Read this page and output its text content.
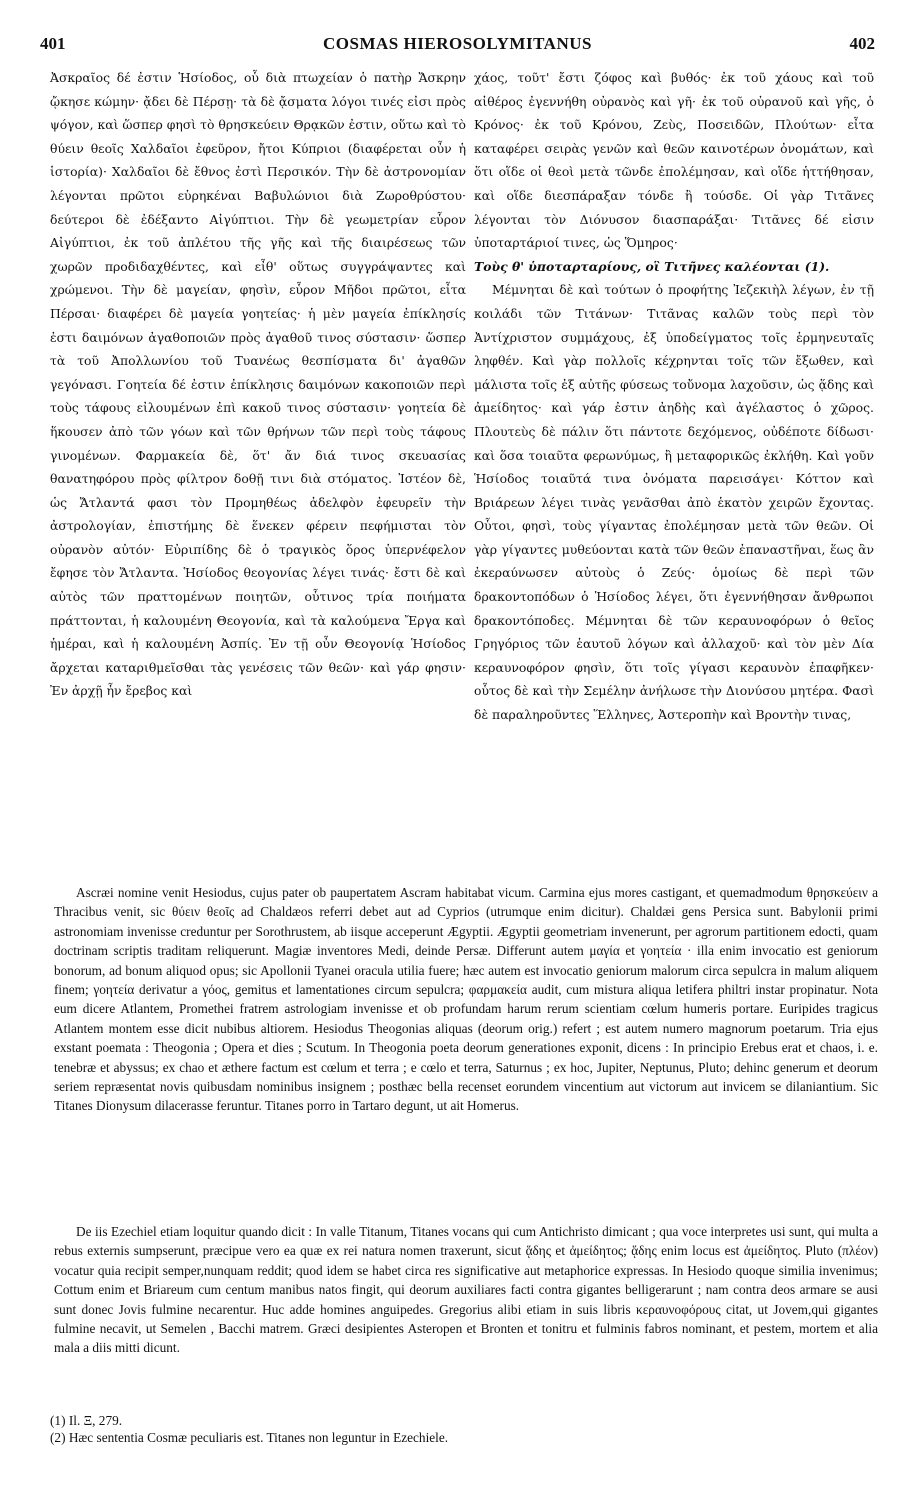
401	COSMAS HIEROSOLYMITANUS	402

Ἀσκραῖος δέ ἐστιν Ἡσίοδος, οὗ διὰ πτωχείαν ὁ πατὴρ Ἄσκρην ᾤκησε κώμην· ᾄδει δὲ Πέρσῃ· τὰ δὲ ᾄσματα λόγοι τινές εἰσι πρὸς ψόγον, καὶ ὥσπερ φησὶ τὸ θρησκεύειν Θρᾳκῶν ἐστιν, οὕτω καὶ τὸ θύειν θεοῖς Χαλδαῖοι ἐφεῦρον, ἤτοι Κύπριοι (διαφέρεται οὖν ἡ ἱστορία)· Χαλδαῖοι δὲ ἔθνος ἐστὶ Περσικόν. Τὴν δὲ ἀστρονομίαν λέγονται πρῶτοι εὑρηκέναι Βαβυλώνιοι διὰ Ζωροθρύστου· δεύτεροι δὲ ἐδέξαντο Αἰγύπτιοι. Τὴν δὲ γεωμετρίαν εὗρον Αἰγύπτιοι, ἐκ τοῦ ἀπλέτου τῆς γῆς καὶ τῆς διαιρέσεως τῶν χωρῶν προδιδαχθέντες, καὶ εἶθ' οὕτως συγγράψαντες καὶ χρώμενοι. Τὴν δὲ μαγείαν, φησὶν, εὗρον Μῆδοι πρῶτοι, εἶτα Πέρσαι· διαφέρει δὲ μαγεία γοητείας· ἡ μὲν μαγεία ἐπίκλησίς ἐστι δαιμόνων ἀγαθοποιῶν πρὸς ἀγαθοῦ τινος σύστασιν· ὥσπερ τὰ τοῦ Ἀπολλωνίου τοῦ Τυανέως θεσπίσματα δι' ἀγαθῶν γεγόνασι. Γοητεία δέ ἐστιν ἐπίκλησις δαιμόνων κακοποιῶν περὶ τοὺς τάφους εἰλουμένων ἐπὶ κακοῦ τινος σύστασιν· γοητεία δὲ ἥκουσεν ἀπὸ τῶν γόων καὶ τῶν θρήνων τῶν περὶ τοὺς τάφους γινομένων. Φαρμακεία δὲ, ὅτ' ἄν διά τινος σκευασίας θανατηφόρου πρὸς φίλτρον δοθῇ τινι διὰ στόματος. Ἰστέον δὲ, ὡς Ἄτλαντά φασι τὸν Προμηθέως ἀδελφὸν ἐφευρεῖν τὴν ἀστρολογίαν, ἐπιστήμης δὲ ἕνεκεν φέρειν πεφήμισται τὸν οὐρανὸν αὐτόν· Εὐριπίδης δὲ ὁ τραγικὸς ὅρος ὑπερνέφελον ἔφησε τὸν Ἄτλαντα. Ἡσίοδος θεογονίας λέγει τινάς· ἔστι δὲ καὶ αὐτὸς τῶν πραττομένων ποιητῶν, οὗτινος τρία ποιήματα πράττονται, ἡ καλουμένη Θεογονία, καὶ τὰ καλούμενα Ἔργα καὶ ἡμέραι, καὶ ἡ καλουμένη Ἀσπίς. Ἐν τῇ οὖν Θεογονίᾳ Ἡσίοδος ἄρχεται καταριθμεῖσθαι τὰς γενέσεις τῶν θεῶν· καὶ γάρ φησιν· Ἐν ἀρχῇ ἦν ἔρεβος καὶ

χάος, τοῦτ' ἔστι ζόφος καὶ βυθός· ἐκ τοῦ χάους καὶ τοῦ αἰθέρος ἐγεννήθη οὐρανὸς καὶ γῆ· ἐκ τοῦ οὐρανοῦ καὶ γῆς, ὁ Κρόνος· ἐκ τοῦ Κρόνου, Ζεὺς, Ποσειδῶν, Πλούτων· εἶτα καταφέρει σειρὰς γενῶν καὶ θεῶν καινοτέρων ὀνομάτων, καὶ ὅτι οἵδε οἱ θεοὶ μετὰ τῶνδε ἐπολέμησαν, καὶ οἵδε ἡττήθησαν, καὶ οἵδε διεσπάραξαν τόνδε ἢ τούσδε. Οἱ γὰρ Τιτᾶνες λέγονται τὸν Διόνυσον διασπαράξαι· Τιτᾶνες δέ εἰσιν ὑποταρτάριοί τινες, ὡς Ὅμηρος·

Τοὺς θ' ὑποταρταρίους, οἳ Τιτῆνες καλέονται (1).

Μέμνηται δὲ καὶ τούτων ὁ προφήτης Ἰεζεκιὴλ λέγων, ἐν τῇ κοιλάδι τῶν Τιτάνων· Τιτᾶνας καλῶν τοὺς περὶ τὸν Ἀντίχριστον συμμάχους, ἐξ ὑποδείγματος τοῖς ἑρμηνευταῖς ληφθέν. Καὶ γὰρ πολλοῖς κέχρηνται τοῖς τῶν ἔξωθεν, καὶ μάλιστα τοῖς ἐξ αὐτῆς φύσεως τοὔνομα λαχοῦσιν, ὡς ᾅδης καὶ ἀμείδητος· καὶ γάρ ἐστιν ἀηδὴς καὶ ἀγέλαστος ὁ χῶρος. Πλουτεὺς δὲ πάλιν ὅτι πάντοτε δεχόμενος, οὐδέποτε δίδωσι· καὶ ὅσα τοιαῦτα φερωνύμως, ἢ μεταφορικῶς ἐκλήθη. Καὶ γοῦν Ἡσίοδος τοιαῦτά τινα ὀνόματα παρεισάγει· Κόττον καὶ Βριάρεων λέγει τινὰς γενᾶσθαι ἀπὸ ἑκατὸν χειρῶν ἔχοντας. Οὗτοι, φησὶ, τοὺς γίγαντας ἐπολέμησαν μετὰ τῶν θεῶν. Οἱ γὰρ γίγαντες μυθεύονται κατὰ τῶν θεῶν ἐπαναστῆναι, ἕως ἂν ἐκεραύνωσεν αὐτοὺς ὁ Ζεύς· ὁμοίως δὲ περὶ τῶν δρακοντοπόδων ὁ Ἡσίοδος λέγει, ὅτι ἐγεννήθησαν ἄνθρωποι δρακοντόποδες. Μέμνηται δὲ τῶν κεραυνοφόρων ὁ θεῖος Γρηγόριος τῶν ἑαυτοῦ λόγων καὶ ἀλλαχοῦ· καὶ τὸν μὲν Δία κεραυνοφόρον φησὶν, ὅτι τοῖς γίγασι κεραυνὸν ἐπαφῆκεν· οὗτος δὲ καὶ τὴν Σεμέλην ἀνήλωσε τὴν Διονύσου μητέρα. Φασὶ δὲ παραληροῦντες Ἕλληνες, Ἀστεροπὴν καὶ Βροντὴν τινας,

Ascræi nomine venit Hesiodus, cujus pater ob paupertatem Ascram habitabat vicum. Carmina ejus mores castigant, et quemadmodum θρησκεύειν a Thracibus venit, sic θύειν θεοῖς ad Chaldæos referri debet aut ad Cyprios (utrumque enim dicitur). Chaldæi gens Persica sunt. Babylonii primi astronomiam invenisse creduntur per Sorothrustem, ab iisque acceperunt Ægyptii. Ægyptii geometriam invenerunt, per agrorum partitionem edocti, quam doctrinam scriptis traditam reliquerunt. Magiæ inventores Medi, deinde Persæ. Differunt autem μαγία et γοητεία · illa enim invocatio est geniorum bonorum, ad bonum aliquod opus; sic Apollonii Tyanei oracula utilia fuere; hæc autem est invocatio geniorum malorum circa sepulcra in malum aliquem finem; γοητεία derivatur a γόος, gemitus et lamentationes circum sepulcra; φαρμακεία audit, cum mistura aliqua letifera philtri instar propinatur. Nota eum dicere Atlantem, Promethei fratrem astrologiam invenisse et ob profundam harum rerum scientiam cœlum humeris portare. Euripides tragicus Atlantem montem esse dicit nubibus altiorem. Hesiodus Theogonias aliquas (deorum orig.) refert ; est autem numero magnorum poetarum. Tria ejus exstant poemata : Theogonia ; Opera et dies ; Scutum. In Theogonia poeta deorum generationes exponit, dicens : In principio Erebus erat et chaos, i. e. tenebræ et abyssus; ex chao et æthere factum est cœlum et terra ; e cœlo et terra, Saturnus ; ex hoc, Jupiter, Neptunus, Pluto; dehinc generum et deorum seriem repræsentat novis quibusdam nominibus insignem ; posthæc bella recenset eorundem vincentium aut victorum aut invicem se dilaniantium. Sic Titanes Dionysum dilacerasse feruntur. Titanes porro in Tartaro degunt, ut ait Homerus.

De iis Ezechiel etiam loquitur quando dicit : In valle Titanum, Titanes vocans qui cum Antichristo dimicant ; qua voce interpretes usi sunt, qui multa a rebus externis sumpserunt, præcipue vero ea quæ ex rei natura nomen traxerunt, sicut ᾅδης et ἀμείδητος; ᾅδης enim locus est ἀμείδητος. Pluto (πλέον) vocatur quia recipit semper,nunquam reddit; quod idem se habet circa res significative aut metaphorice expressas. In Hesiodo quoque similia invenimus; Cottum enim et Briareum cum centum manibus natos fingit, qui deorum auxiliares facti contra gigantes belligerarunt ; nam contra deos armare se ausi sunt donec Jovis fulmine necarentur. Huc adde homines anguipedes. Gregorius alibi etiam in suis libris κεραυνοφόρους citat, ut Jovem,qui gigantes fulmine necavit, ut Semelen , Bacchi matrem. Græci desipientes Asteropen et Bronten et tonitru et fulminis fabros nominant, et pestem, mortem et alia mala a diis mitti dicunt.

(1) Il. Ξ, 279.
(2) Hæc sententia Cosmæ peculiaris est. Titanes non leguntur in Ezechiele.
